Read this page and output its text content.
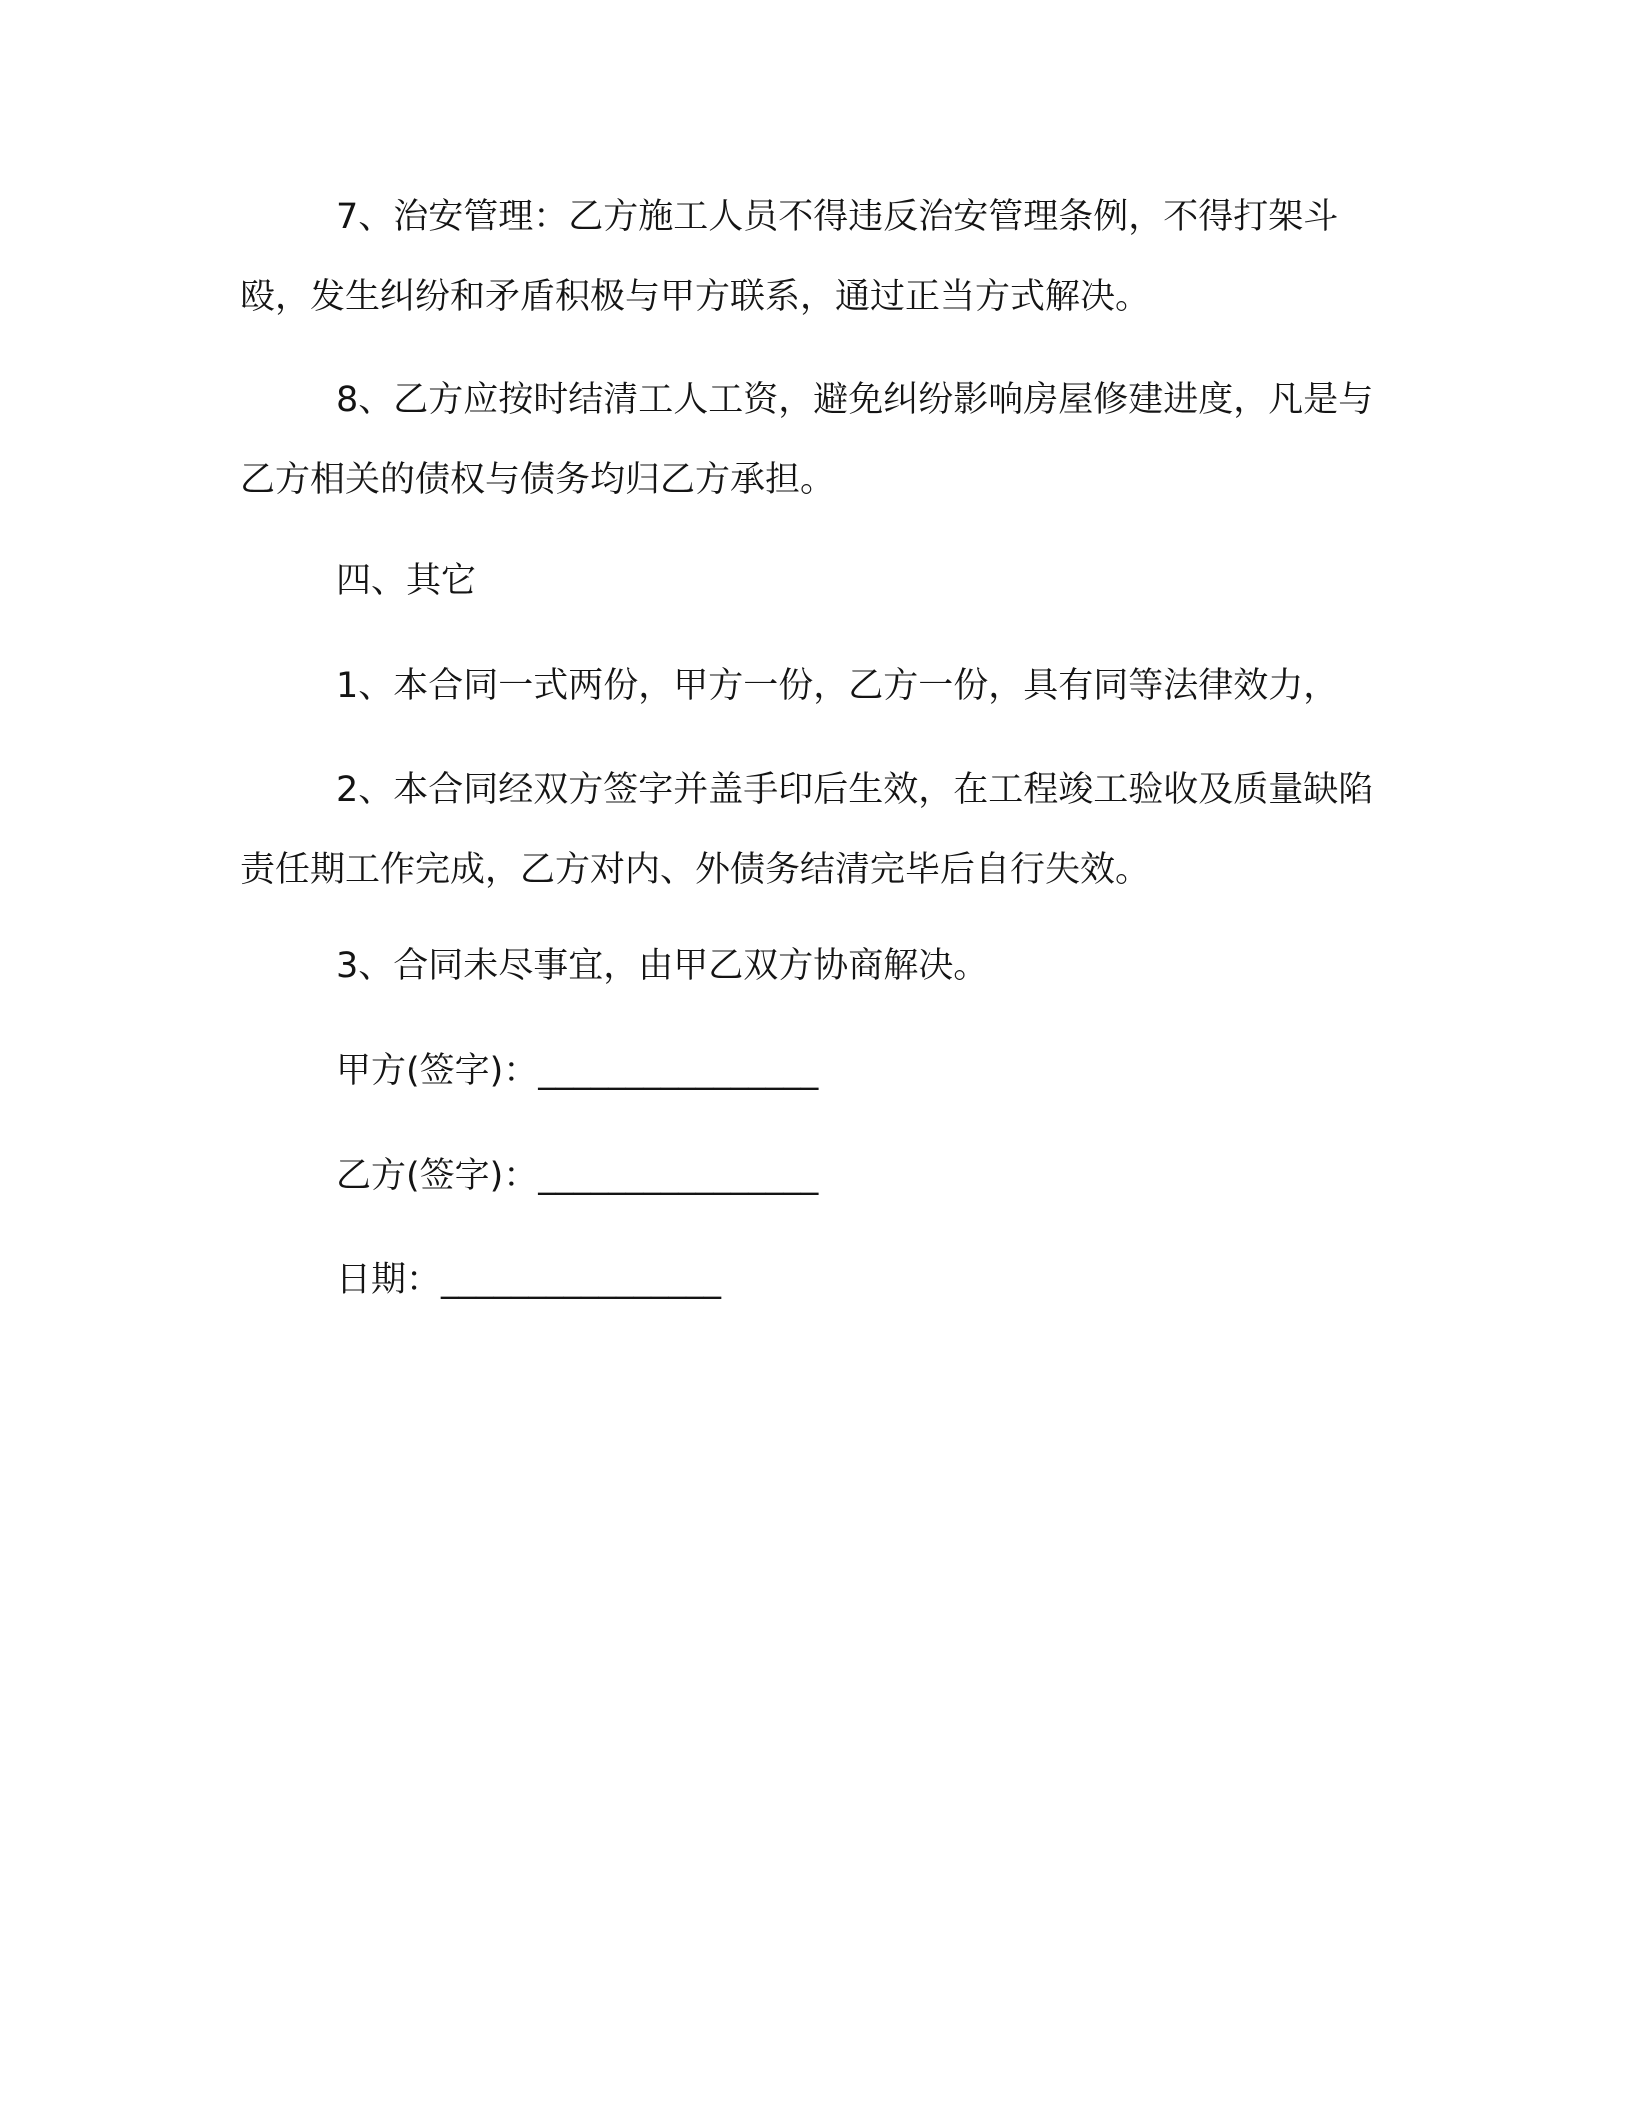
7、治安管理：乙方施工人员不得违反治安管理条例，不得打架斗殴，发生纠纷和矛盾积极与甲方联系，通过正当方式解决。

8、乙方应按时结清工人工资，避免纠纷影响房屋修建进度，凡是与乙方相关的债权与债务均归乙方承担。

四、其它

1、本合同一式两份，甲方一份，乙方一份，具有同等法律效力，

2、本合同经双方签字并盖手印后生效，在工程竣工验收及质量缺陷责任期工作完成，乙方对内、外债务结清完毕后自行失效。

3、合同未尽事宜，由甲乙双方协商解决。

甲方(签字)：________________

乙方(签字)：________________

日期：________________
